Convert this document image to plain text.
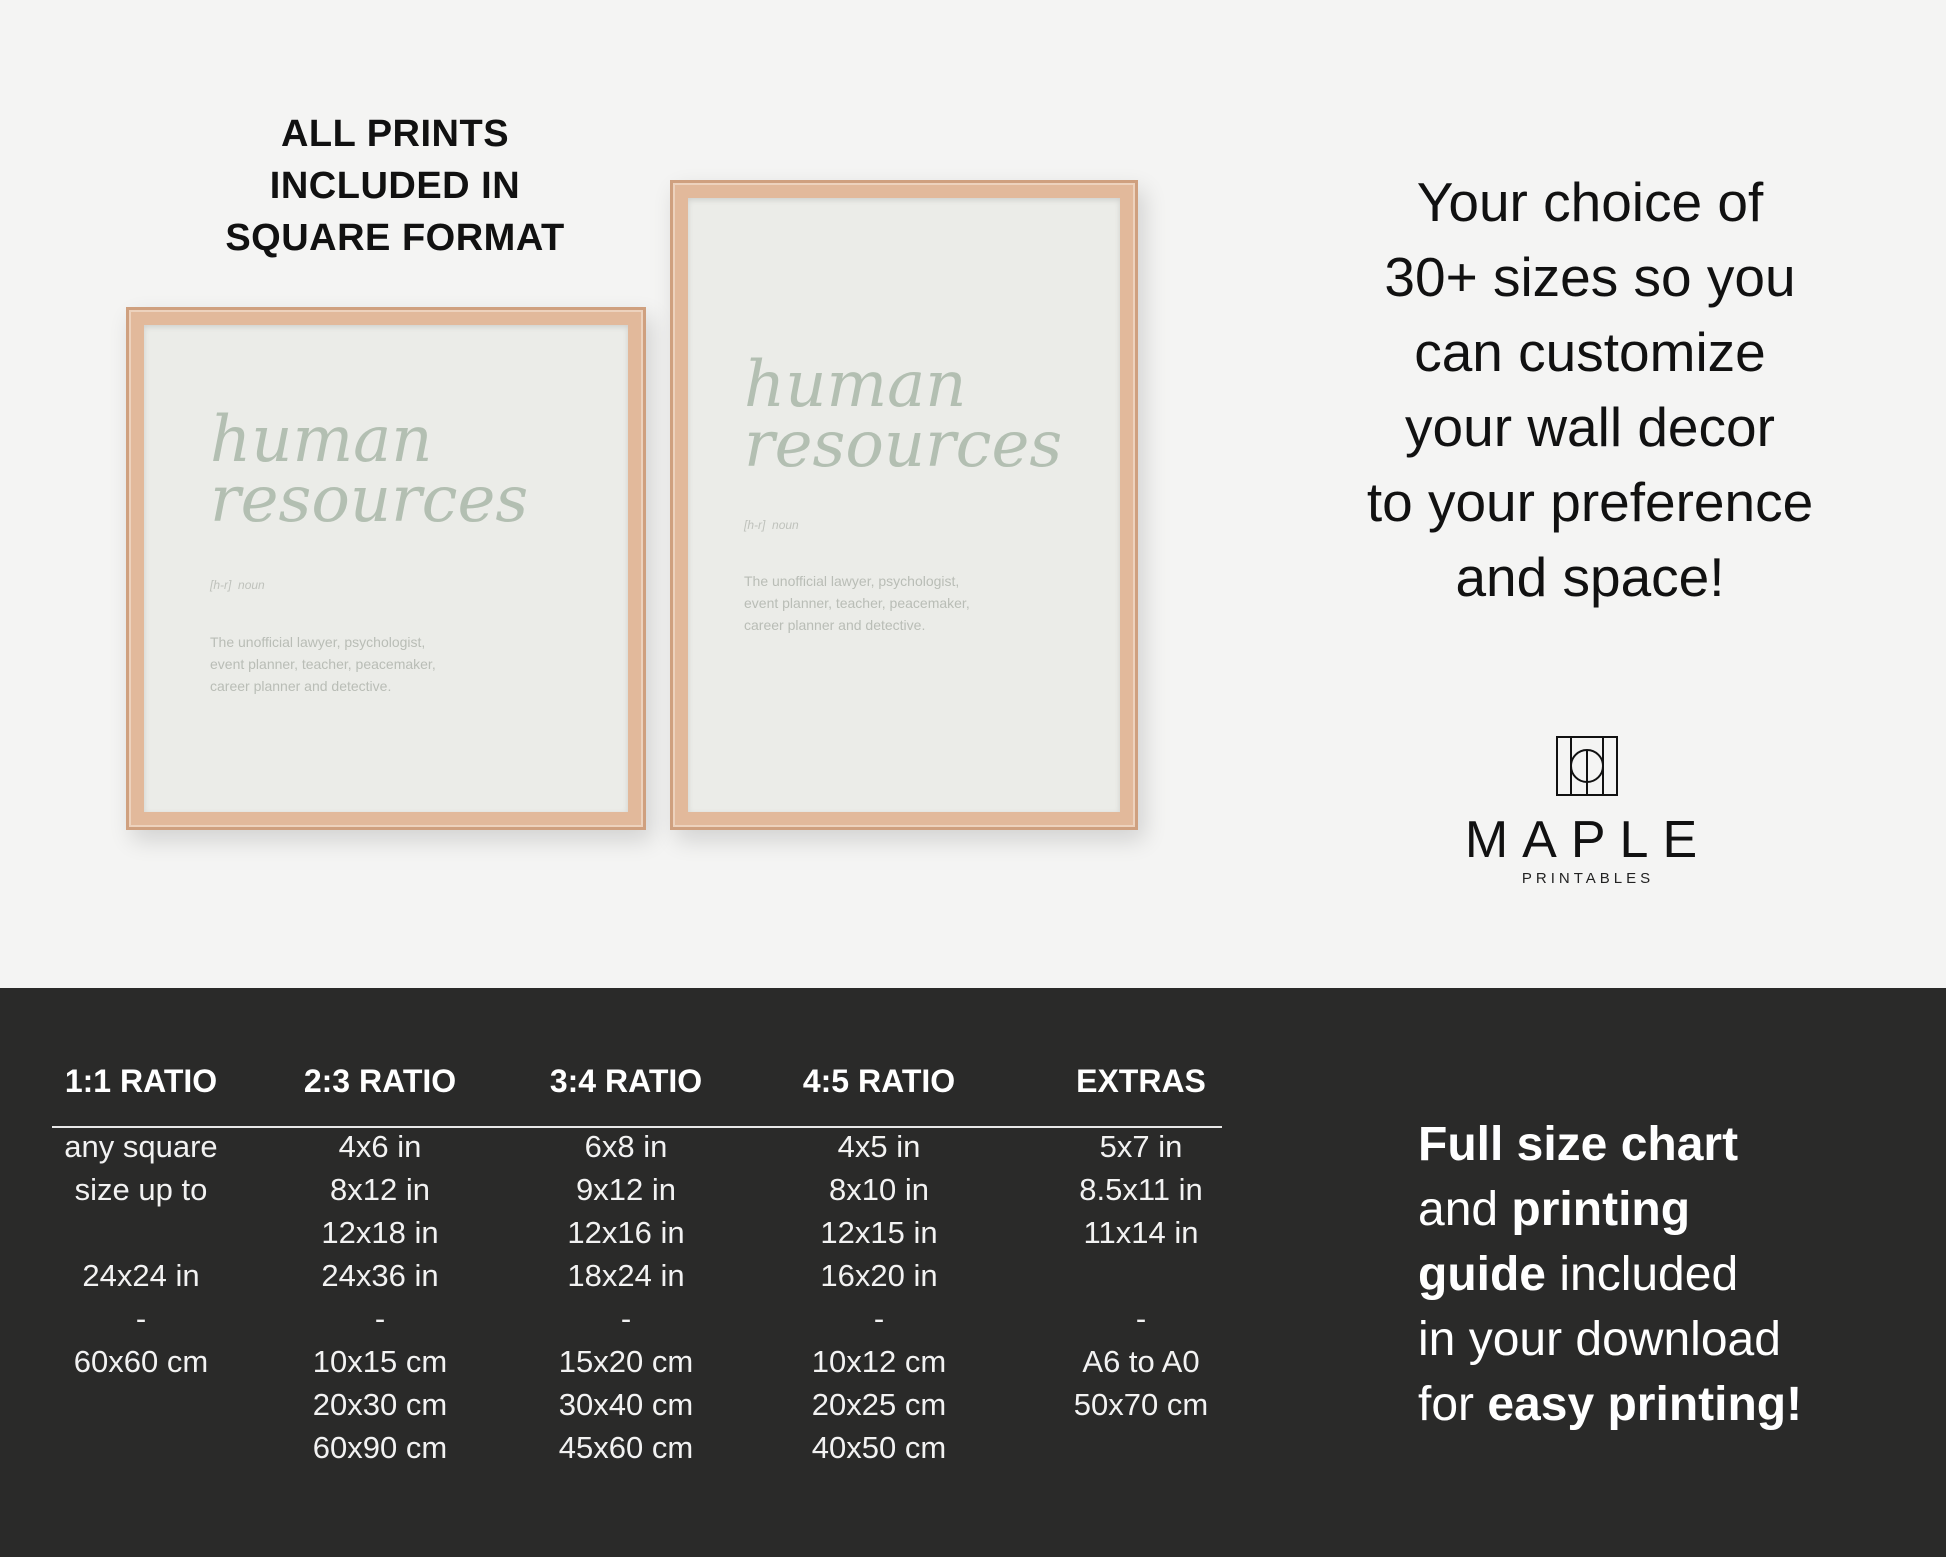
ALL PRINTS
INCLUDED IN
SQUARE FORMAT
human
resources
[h-r] noun
The unofficial lawyer, psychologist,
event planner, teacher, peacemaker,
career planner and detective.
human
resources
[h-r] noun
The unofficial lawyer, psychologist,
event planner, teacher, peacemaker,
career planner and detective.
Your choice of
30+ sizes so you
can customize
your wall decor
to your preference
and space!
MAPLE
PRINTABLES
1:1 RATIO
any square
size up to

24x24 in
-
60x60 cm
2:3 RATIO
4x6 in
8x12 in
12x18 in
24x36 in
-
10x15 cm
20x30 cm
60x90 cm
3:4 RATIO
6x8 in
9x12 in
12x16 in
18x24 in
-
15x20 cm
30x40 cm
45x60 cm
4:5 RATIO
4x5 in
8x10 in
12x15 in
16x20 in
-
10x12 cm
20x25 cm
40x50 cm
EXTRAS
5x7 in
8.5x11 in
11x14 in

-
A6 to A0
50x70 cm
Full size chart
and printing
guide included
in your download
for easy printing!
